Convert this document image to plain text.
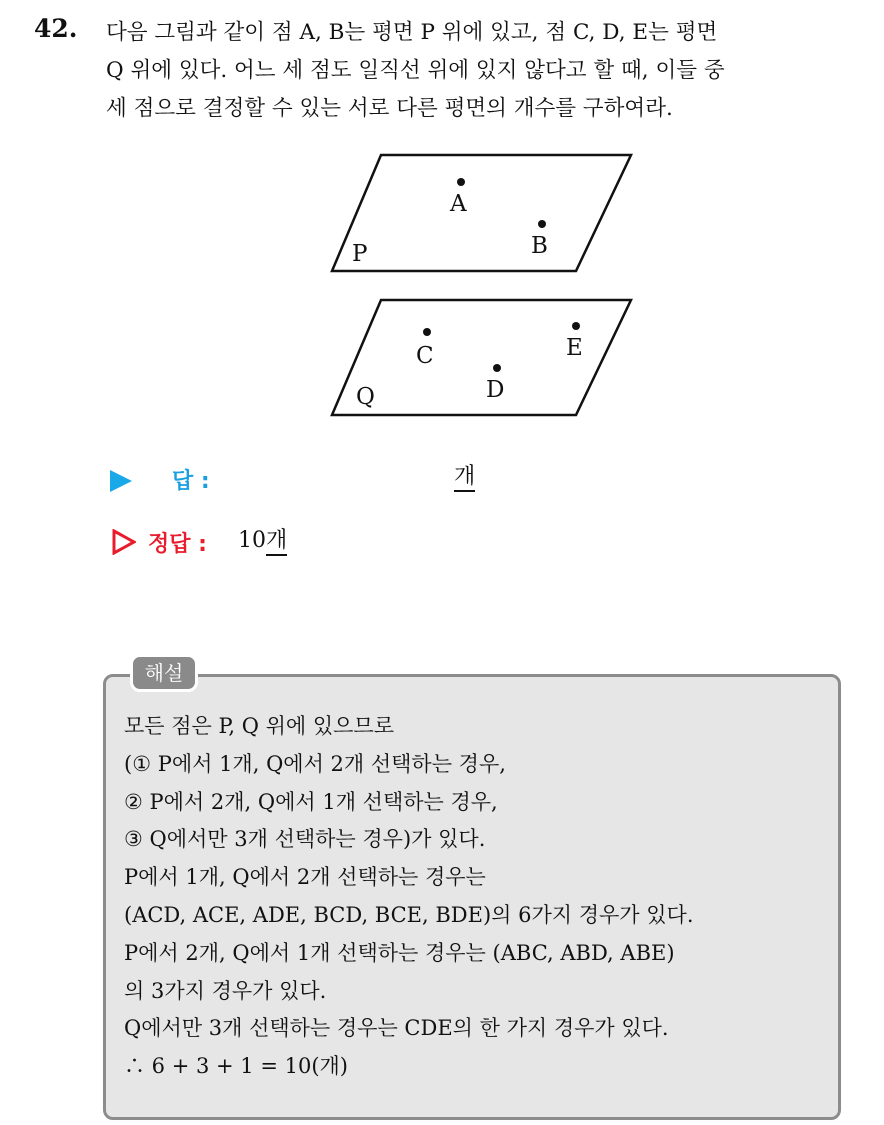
42. 다음 그림과 같이 점 A, B는 평면 P 위에 있고, 점 C, D, E는 평면
Q 위에 있다. 어느 세 점도 일직선 위에 있지 않다고 할 때, 이들 중
세 점으로 결정할 수 있는 서로 다른 평면의 개수를 구하여라.
P
A
B
Q
C
D
E
답 :	개
정답 : 10 개
해설
모든 점은 P, Q 위에 있으므로
(① P에서 1개, Q에서 2개 선택하는 경우,
② P에서 2개, Q에서 1개 선택하는 경우,
③ Q에서만 3개 선택하는 경우)가 있다.
P에서 1개, Q에서 2개 선택하는 경우는
(ACD, ACE, ADE, BCD, BCE, BDE)의 6가지 경우가 있다.
P에서 2개, Q에서 1개 선택하는 경우는 (ABC, ABD, ABE)
의 3가지 경우가 있다.
Q에서만 3개 선택하는 경우는 CDE의 한 가지 경우가 있다.
∴ 6 + 3 + 1 = 10(개)
